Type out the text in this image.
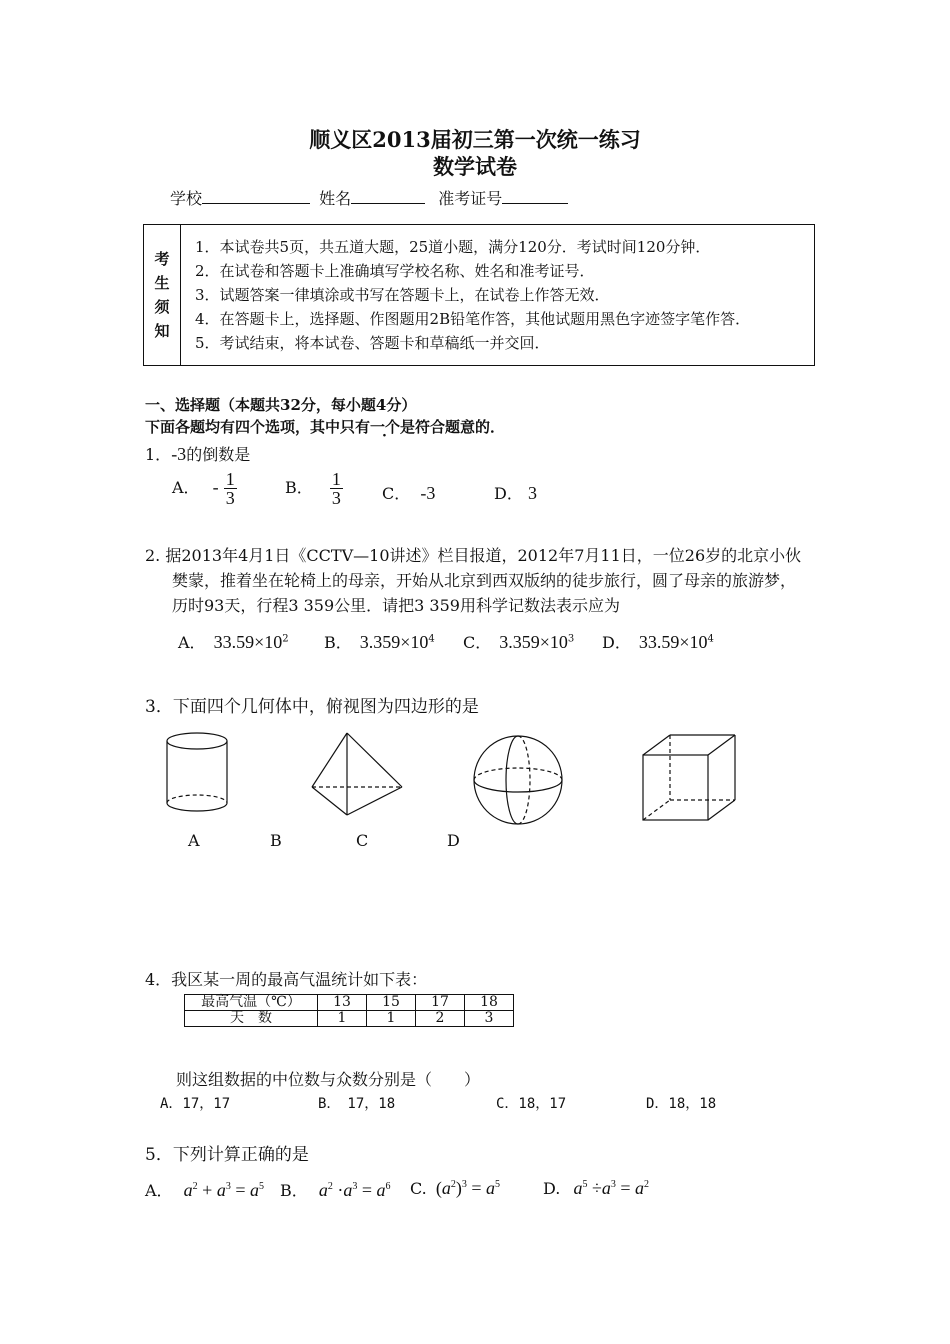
顺义区2013届初三第一次统一练习
数学试卷
学校	姓名	准考证号
考
生
须
知

1．本试卷共5页，共五道大题，25道小题，满分120分．考试时间120分钟．
2．在试卷和答题卡上准确填写学校名称、姓名和准考证号．
3．试题答案一律填涂或书写在答题卡上，在试卷上作答无效．
4．在答题卡上，选择题、作图题用2B铅笔作答，其他试题用黑色字迹签字笔作答．
5．考试结束，将本试卷、答题卡和草稿纸一并交回．
一、选择题（本题共32分，每小题4分）
下面各题均有四个选项，其中只有一个是符合题意的．
1．-3的倒数是
A． - $\frac{1}{3}$	B． $\frac{1}{3}$ C． -3	D． 3
2. 据2013年4月1日《CCTV—10讲述》栏目报道，2012年7月11日，一位26岁的北京小伙
樊蒙，推着坐在轮椅上的母亲，开始从北京到西双版纳的徒步旅行，圆了母亲的旅游梦，
历时93天，行程3 359公里．请把3 359用科学记数法表示应为
A． $33.59\times 10^2$ B． $3.359\times 10^4$ C． $3.359\times 10^3$ D． $33.59\times 10^4$
3．下面四个几何体中，俯视图为四边形的是
A	B	C	D
4．我区某一周的最高气温统计如下表：
最高气温（℃）	13	15	17	18
天　数	1	1	2	3
则这组数据的中位数与众数分别是（　　）
A．17，17	B．　17，18	C．18，17	D．18，18
5．下列计算正确的是
A． $a^2 + a^3 = a^5$ B． $a^2 \cdot a^3 = a^6$ C. $(a^2)^3 = a^5$	D. $a^5 \div a^3 = a^2$
